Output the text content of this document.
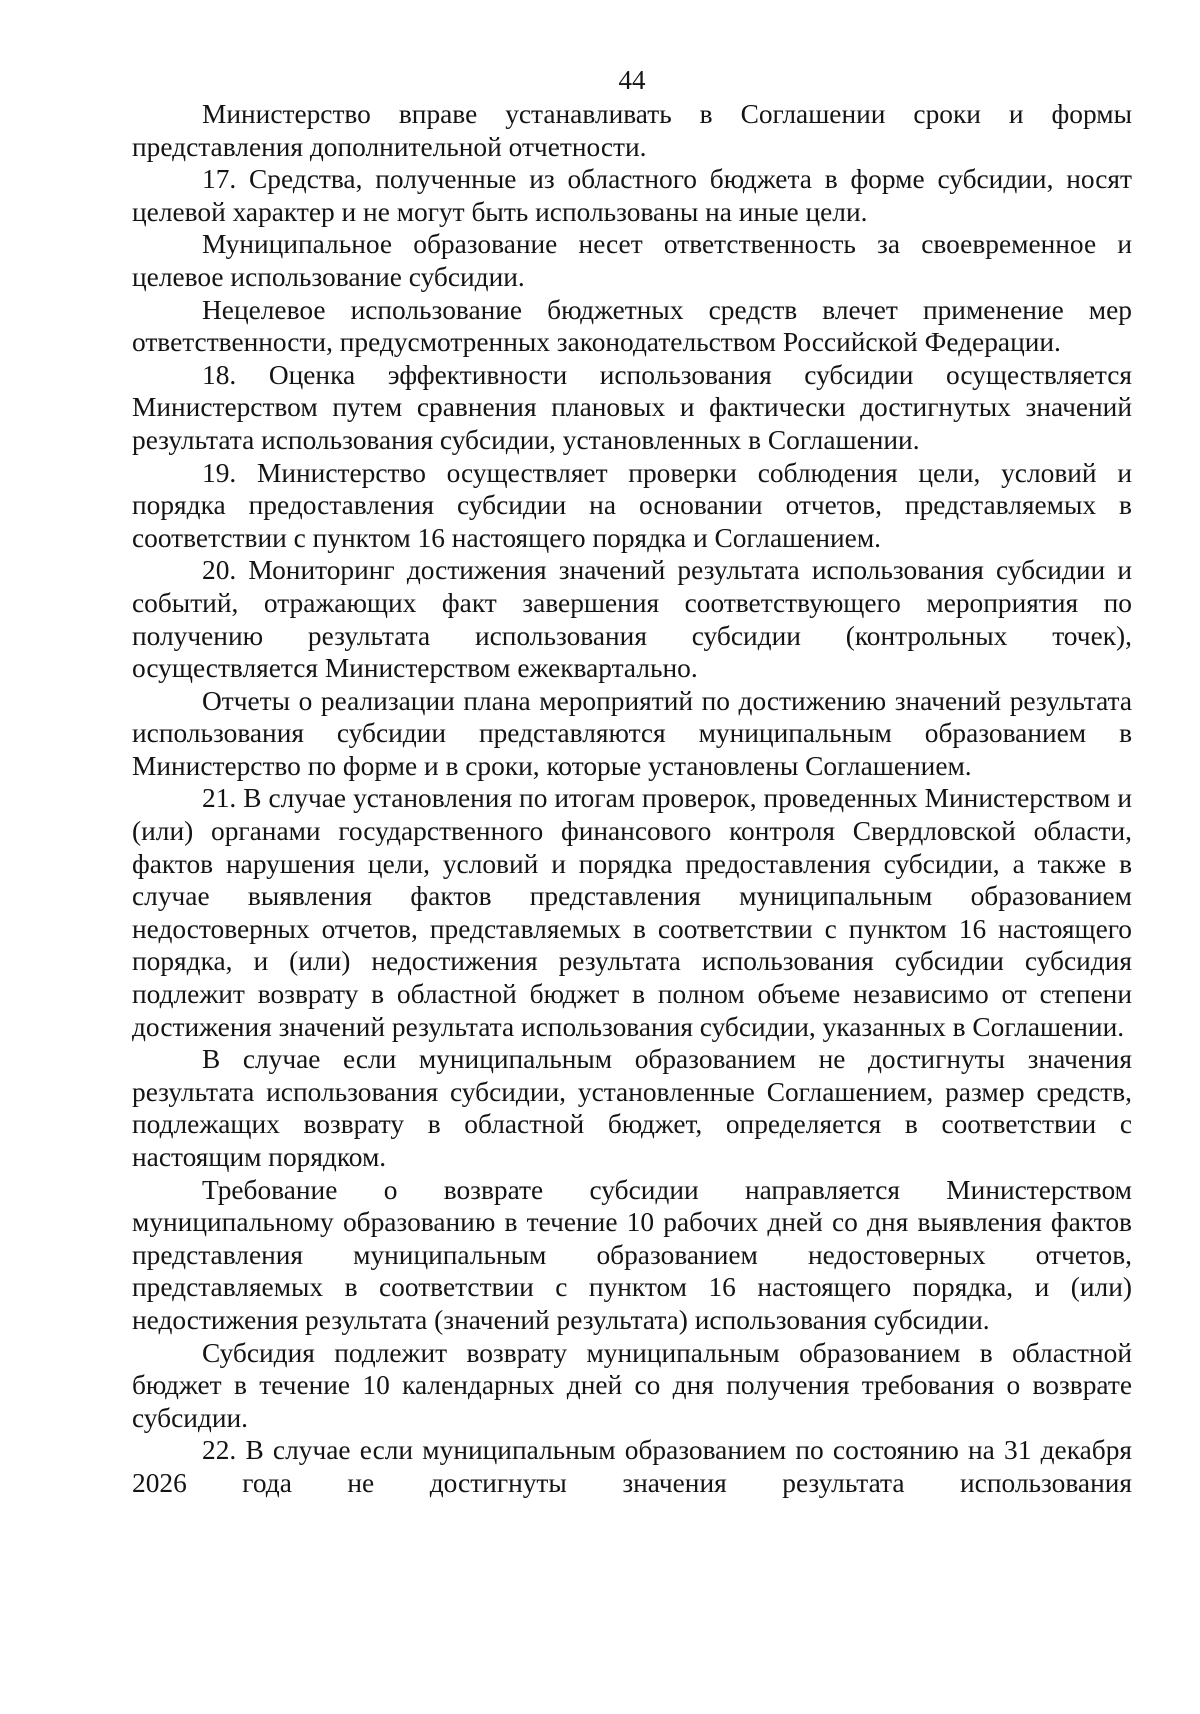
44

Министерство вправе устанавливать в Соглашении сроки и формы представления дополнительной отчетности.

17. Средства, полученные из областного бюджета в форме субсидии, носят целевой характер и не могут быть использованы на иные цели.

Муниципальное образование несет ответственность за своевременное и целевое использование субсидии.

Нецелевое использование бюджетных средств влечет применение мер ответственности, предусмотренных законодательством Российской Федерации.

18. Оценка эффективности использования субсидии осуществляется Министерством путем сравнения плановых и фактически достигнутых значений результата использования субсидии, установленных в Соглашении.

19. Министерство осуществляет проверки соблюдения цели, условий и порядка предоставления субсидии на основании отчетов, представляемых в соответствии с пунктом 16 настоящего порядка и Соглашением.

20. Мониторинг достижения значений результата использования субсидии и событий, отражающих факт завершения соответствующего мероприятия по получению результата использования субсидии (контрольных точек), осуществляется Министерством ежеквартально.

Отчеты о реализации плана мероприятий по достижению значений результата использования субсидии представляются муниципальным образованием в Министерство по форме и в сроки, которые установлены Соглашением.

21. В случае установления по итогам проверок, проведенных Министерством и (или) органами государственного финансового контроля Свердловской области, фактов нарушения цели, условий и порядка предоставления субсидии, а также в случае выявления фактов представления муниципальным образованием недостоверных отчетов, представляемых в соответствии с пунктом 16 настоящего порядка, и (или) недостижения результата использования субсидии субсидия подлежит возврату в областной бюджет в полном объеме независимо от степени достижения значений результата использования субсидии, указанных в Соглашении.

В случае если муниципальным образованием не достигнуты значения результата использования субсидии, установленные Соглашением, размер средств, подлежащих возврату в областной бюджет, определяется в соответствии с настоящим порядком.

Требование о возврате субсидии направляется Министерством муниципальному образованию в течение 10 рабочих дней со дня выявления фактов представления муниципальным образованием недостоверных отчетов, представляемых в соответствии с пунктом 16 настоящего порядка, и (или) недостижения результата (значений результата) использования субсидии.

Субсидия подлежит возврату муниципальным образованием в областной бюджет в течение 10 календарных дней со дня получения требования о возврате субсидии.

22. В случае если муниципальным образованием по состоянию на 31 декабря 2026 года не достигнуты значения результата использования
